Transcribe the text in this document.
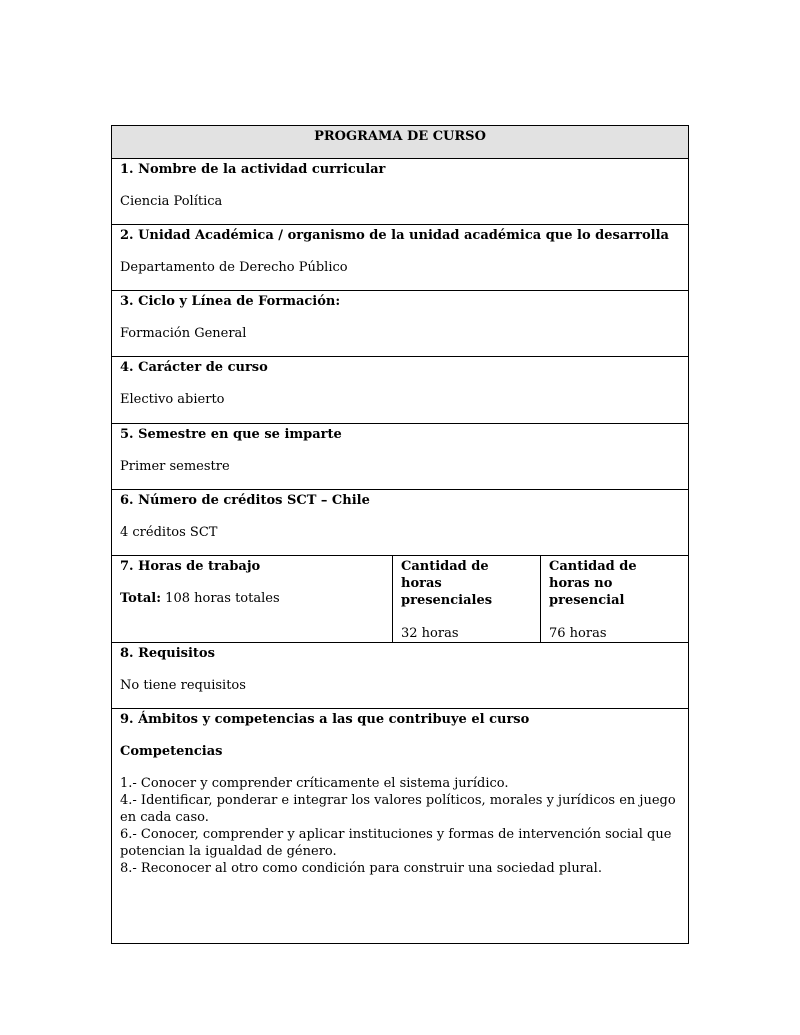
PROGRAMA DE CURSO

1. Nombre de la actividad curricular
Ciencia Política

2. Unidad Académica / organismo de la unidad académica que lo desarrolla
Departamento de Derecho Público

3. Ciclo y Línea de Formación:
Formación General

4. Carácter de curso
Electivo abierto

5. Semestre en que se imparte
Primer semestre

6. Número de créditos SCT – Chile
4 créditos SCT

7. Horas de trabajo
Total: 108 horas totales

Cantidad de horas presenciales
32 horas

Cantidad de horas no presencial
76 horas

8. Requisitos
No tiene requisitos

9. Ámbitos y competencias a las que contribuye el curso
Competencias

1.- Conocer y comprender críticamente el sistema jurídico.

4.- Identificar, ponderar e integrar los valores políticos, morales y jurídicos en juego en cada caso.

6.- Conocer, comprender y aplicar instituciones y formas de intervención social que potencian la igualdad de género.

8.- Reconocer al otro como condición para construir una sociedad plural.
